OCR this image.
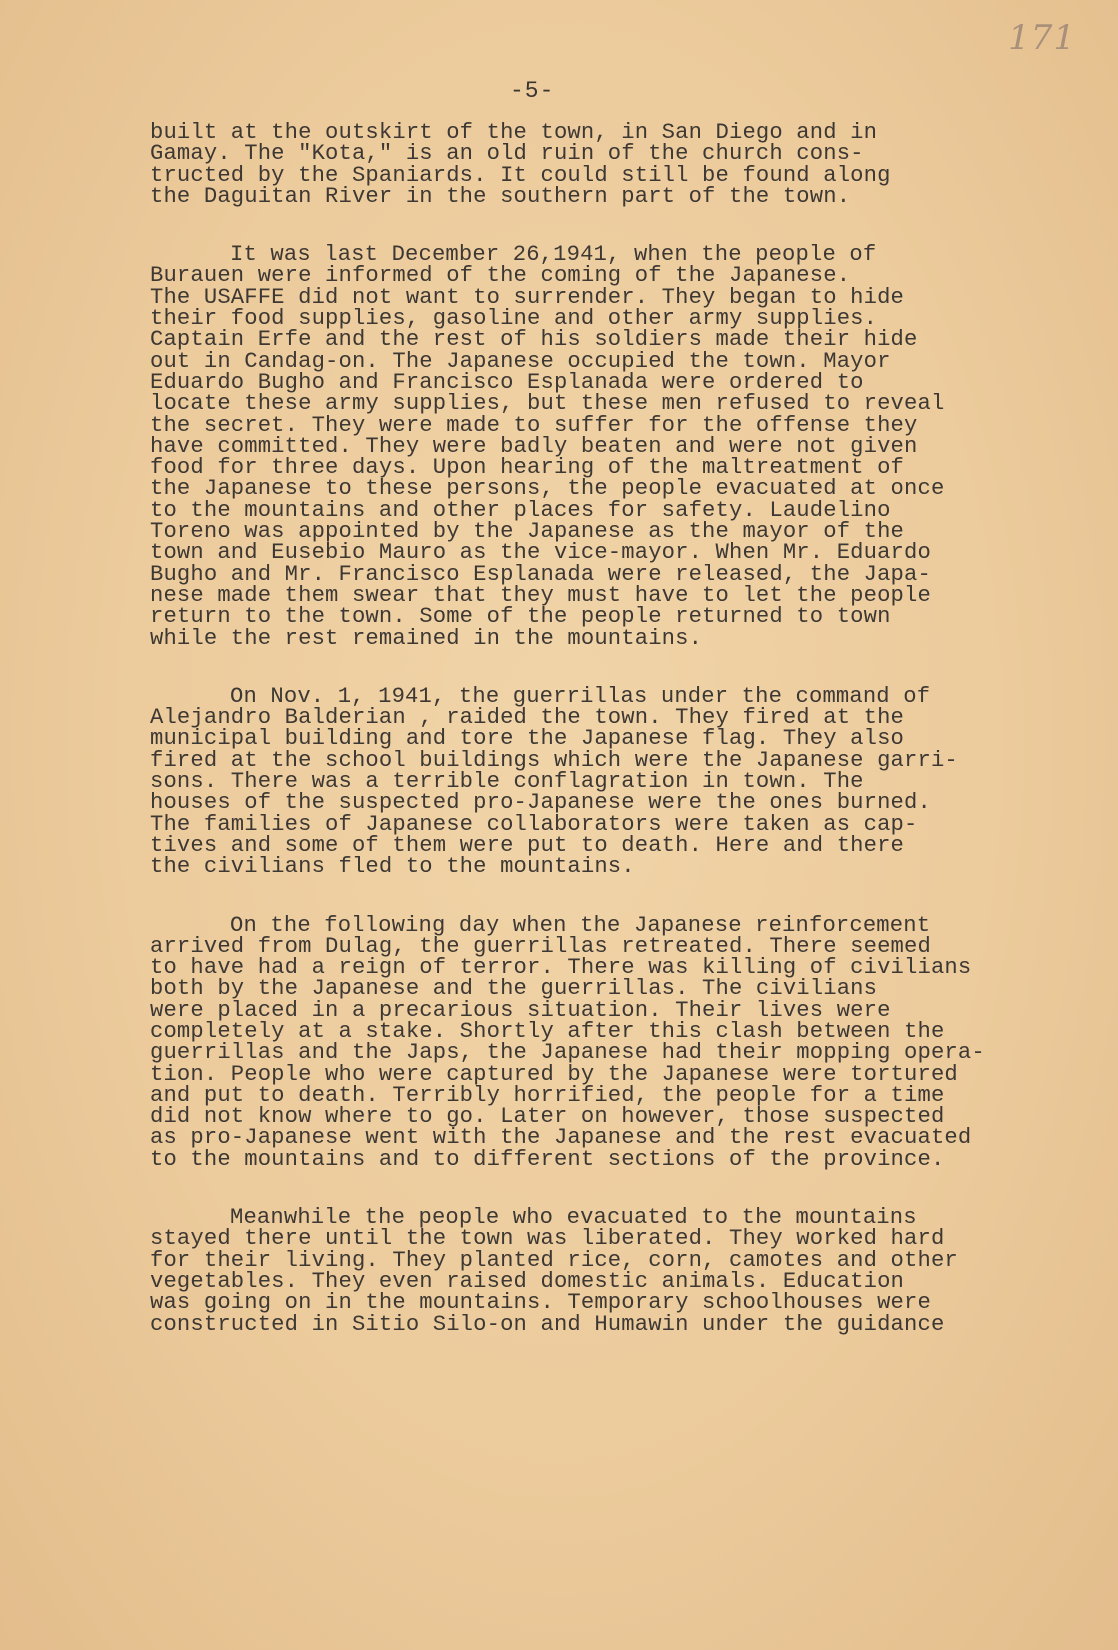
171
-5-
built at the outskirt of the town, in San Diego and in
Gamay. The "Kota," is an old ruin of the church cons-
tructed by the Spaniards. It could still be found along
the Daguitan River in the southern part of the town.
It was last December 26,1941, when the people of
Burauen were informed of the coming of the Japanese.
The USAFFE did not want to surrender. They began to hide
their food supplies, gasoline and other army supplies.
Captain Erfe and the rest of his soldiers made their hide
out in Candag-on. The Japanese occupied the town. Mayor
Eduardo Bugho and Francisco Esplanada were ordered to
locate these army supplies, but these men refused to reveal
the secret. They were made to suffer for the offense they
have committed. They were badly beaten and were not given
food for three days. Upon hearing of the maltreatment of
the Japanese to these persons, the people evacuated at once
to the mountains and other places for safety. Laudelino
Toreno was appointed by the Japanese as the mayor of the
town and Eusebio Mauro as the vice-mayor. When Mr. Eduardo
Bugho and Mr. Francisco Esplanada were released, the Japa-
nese made them swear that they must have to let the people
return to the town. Some of the people returned to town
while the rest remained in the mountains.
On Nov. 1, 1941, the guerrillas under the command of
Alejandro Balderian , raided the town. They fired at the
municipal building and tore the Japanese flag. They also
fired at the school buildings which were the Japanese garri-
sons. There was a terrible conflagration in town. The
houses of the suspected pro-Japanese were the ones burned.
The families of Japanese collaborators were taken as cap-
tives and some of them were put to death. Here and there
the civilians fled to the mountains.
On the following day when the Japanese reinforcement
arrived from Dulag, the guerrillas retreated. There seemed
to have had a reign of terror. There was killing of civilians
both by the Japanese and the guerrillas. The civilians
were placed in a precarious situation. Their lives were
completely at a stake. Shortly after this clash between the
guerrillas and the Japs, the Japanese had their mopping opera-
tion. People who were captured by the Japanese were tortured
and put to death. Terribly horrified, the people for a time
did not know where to go. Later on however, those suspected
as pro-Japanese went with the Japanese and the rest evacuated
to the mountains and to different sections of the province.
Meanwhile the people who evacuated to the mountains
stayed there until the town was liberated. They worked hard
for their living. They planted rice, corn, camotes and other
vegetables. They even raised domestic animals. Education
was going on in the mountains. Temporary schoolhouses were
constructed in Sitio Silo-on and Humawin under the guidance
